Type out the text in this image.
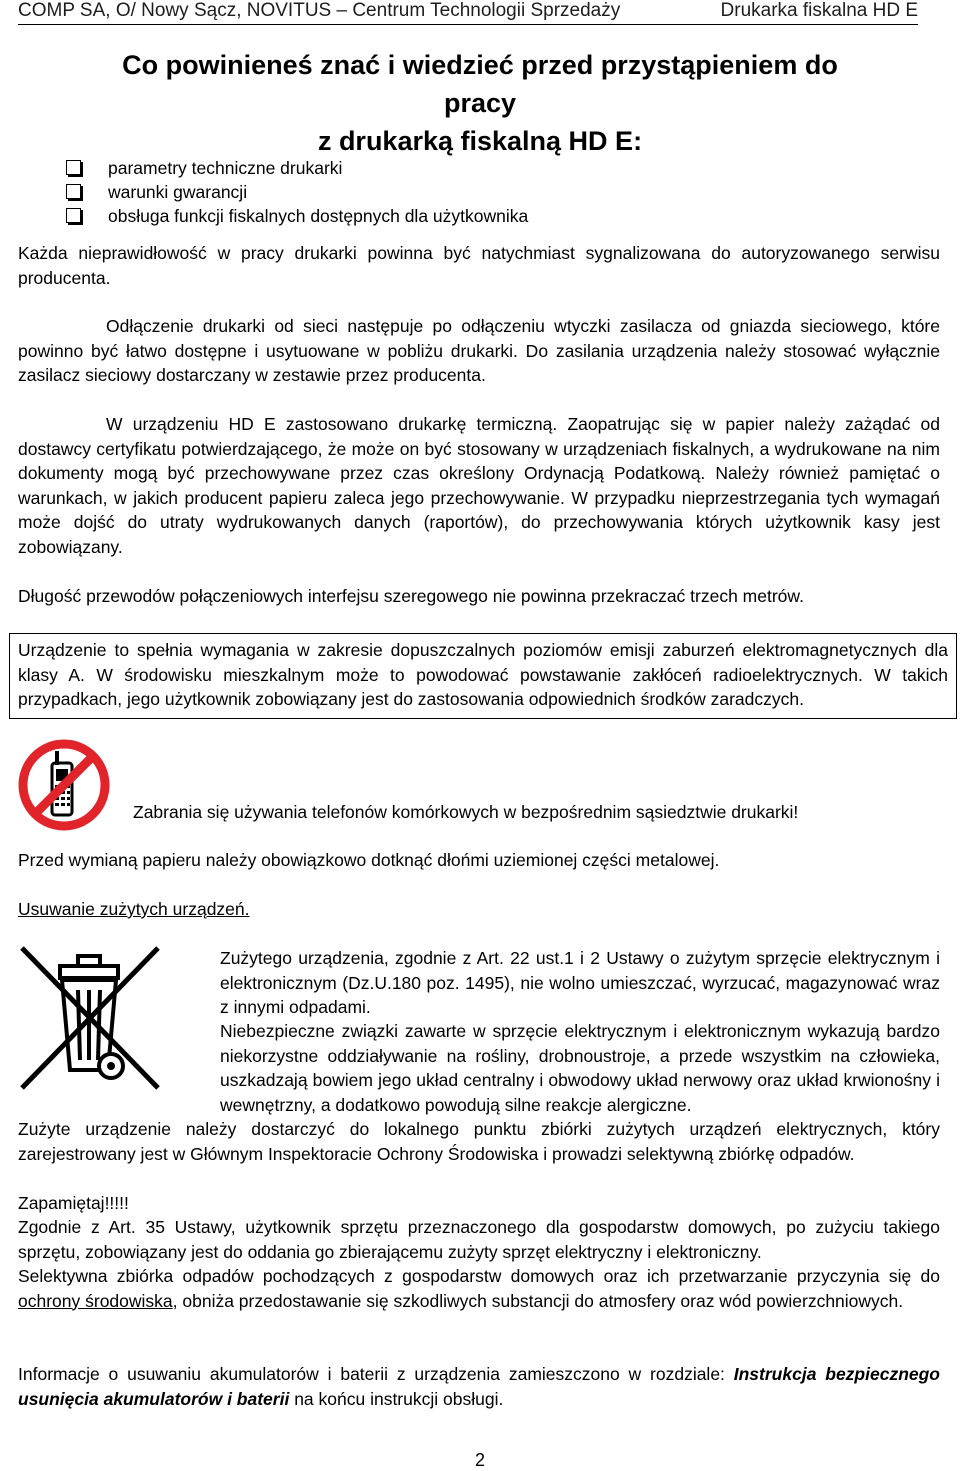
COMP SA, O/ Nowy Sącz, NOVITUS – Centrum Technologii Sprzedaży	Drukarka fiskalna HD E
Co powinieneś znać i wiedzieć przed przystąpieniem do pracy
z drukarką fiskalną HD E:
parametry techniczne drukarki
warunki gwarancji
obsługa funkcji fiskalnych dostępnych dla użytkownika

Każda nieprawidłowość w pracy drukarki powinna być natychmiast sygnalizowana do autoryzowanego serwisu producenta.

Odłączenie drukarki od sieci następuje po odłączeniu wtyczki zasilacza od gniazda sieciowego, które powinno być łatwo dostępne i usytuowane w pobliżu drukarki. Do zasilania urządzenia należy stosować wyłącznie zasilacz sieciowy dostarczany w zestawie przez producenta.

W urządzeniu HD E zastosowano drukarkę termiczną. Zaopatrując się w papier należy zażądać od dostawcy certyfikatu potwierdzającego, że może on być stosowany w urządzeniach fiskalnych, a wydrukowane na nim dokumenty mogą być przechowywane przez czas określony Ordynacją Podatkową. Należy również pamiętać o warunkach, w jakich producent papieru zaleca jego przechowywanie. W przypadku nieprzestrzegania tych wymagań może dojść do utraty wydrukowanych danych (raportów), do przechowywania których użytkownik kasy jest zobowiązany.

Długość przewodów połączeniowych interfejsu szeregowego nie powinna przekraczać trzech metrów.

Urządzenie to spełnia wymagania w zakresie dopuszczalnych poziomów emisji zaburzeń elektromagnetycznych dla klasy A. W środowisku mieszkalnym może to powodować powstawanie zakłóceń radioelektrycznych. W takich przypadkach, jego użytkownik zobowiązany jest do zastosowania odpowiednich środków zaradczych.

Zabrania się używania telefonów komórkowych w bezpośrednim sąsiedztwie drukarki!

Przed wymianą papieru należy obowiązkowo dotknąć dłońmi uziemionej części metalowej.

Usuwanie zużytych urządzeń.

Zużytego urządzenia, zgodnie z Art. 22 ust.1 i 2 Ustawy o zużytym sprzęcie elektrycznym i elektronicznym (Dz.U.180 poz. 1495), nie wolno umieszczać, wyrzucać, magazynować wraz z innymi odpadami.

Niebezpieczne związki zawarte w sprzęcie elektrycznym i elektronicznym wykazują bardzo niekorzystne oddziaływanie na rośliny, drobnoustroje, a przede wszystkim na człowieka, uszkadzają bowiem jego układ centralny i obwodowy układ nerwowy oraz układ krwionośny i wewnętrzny, a dodatkowo powodują silne reakcje alergiczne.

Zużyte urządzenie należy dostarczyć do lokalnego punktu zbiórki zużytych urządzeń elektrycznych, który zarejestrowany jest w Głównym Inspektoracie Ochrony Środowiska i prowadzi selektywną zbiórkę odpadów.

Zapamiętaj!!!!!

Zgodnie z Art. 35 Ustawy, użytkownik sprzętu przeznaczonego dla gospodarstw domowych, po zużyciu takiego sprzętu, zobowiązany jest do oddania go zbierającemu zużyty sprzęt elektryczny i elektroniczny.

Selektywna zbiórka odpadów pochodzących z gospodarstw domowych oraz ich przetwarzanie przyczynia się do ochrony środowiska, obniża przedostawanie się szkodliwych substancji do atmosfery oraz wód powierzchniowych.

Informacje o usuwaniu akumulatorów i baterii z urządzenia zamieszczono w rozdziale: Instrukcja bezpiecznego usunięcia akumulatorów i baterii na końcu instrukcji obsługi.

2
